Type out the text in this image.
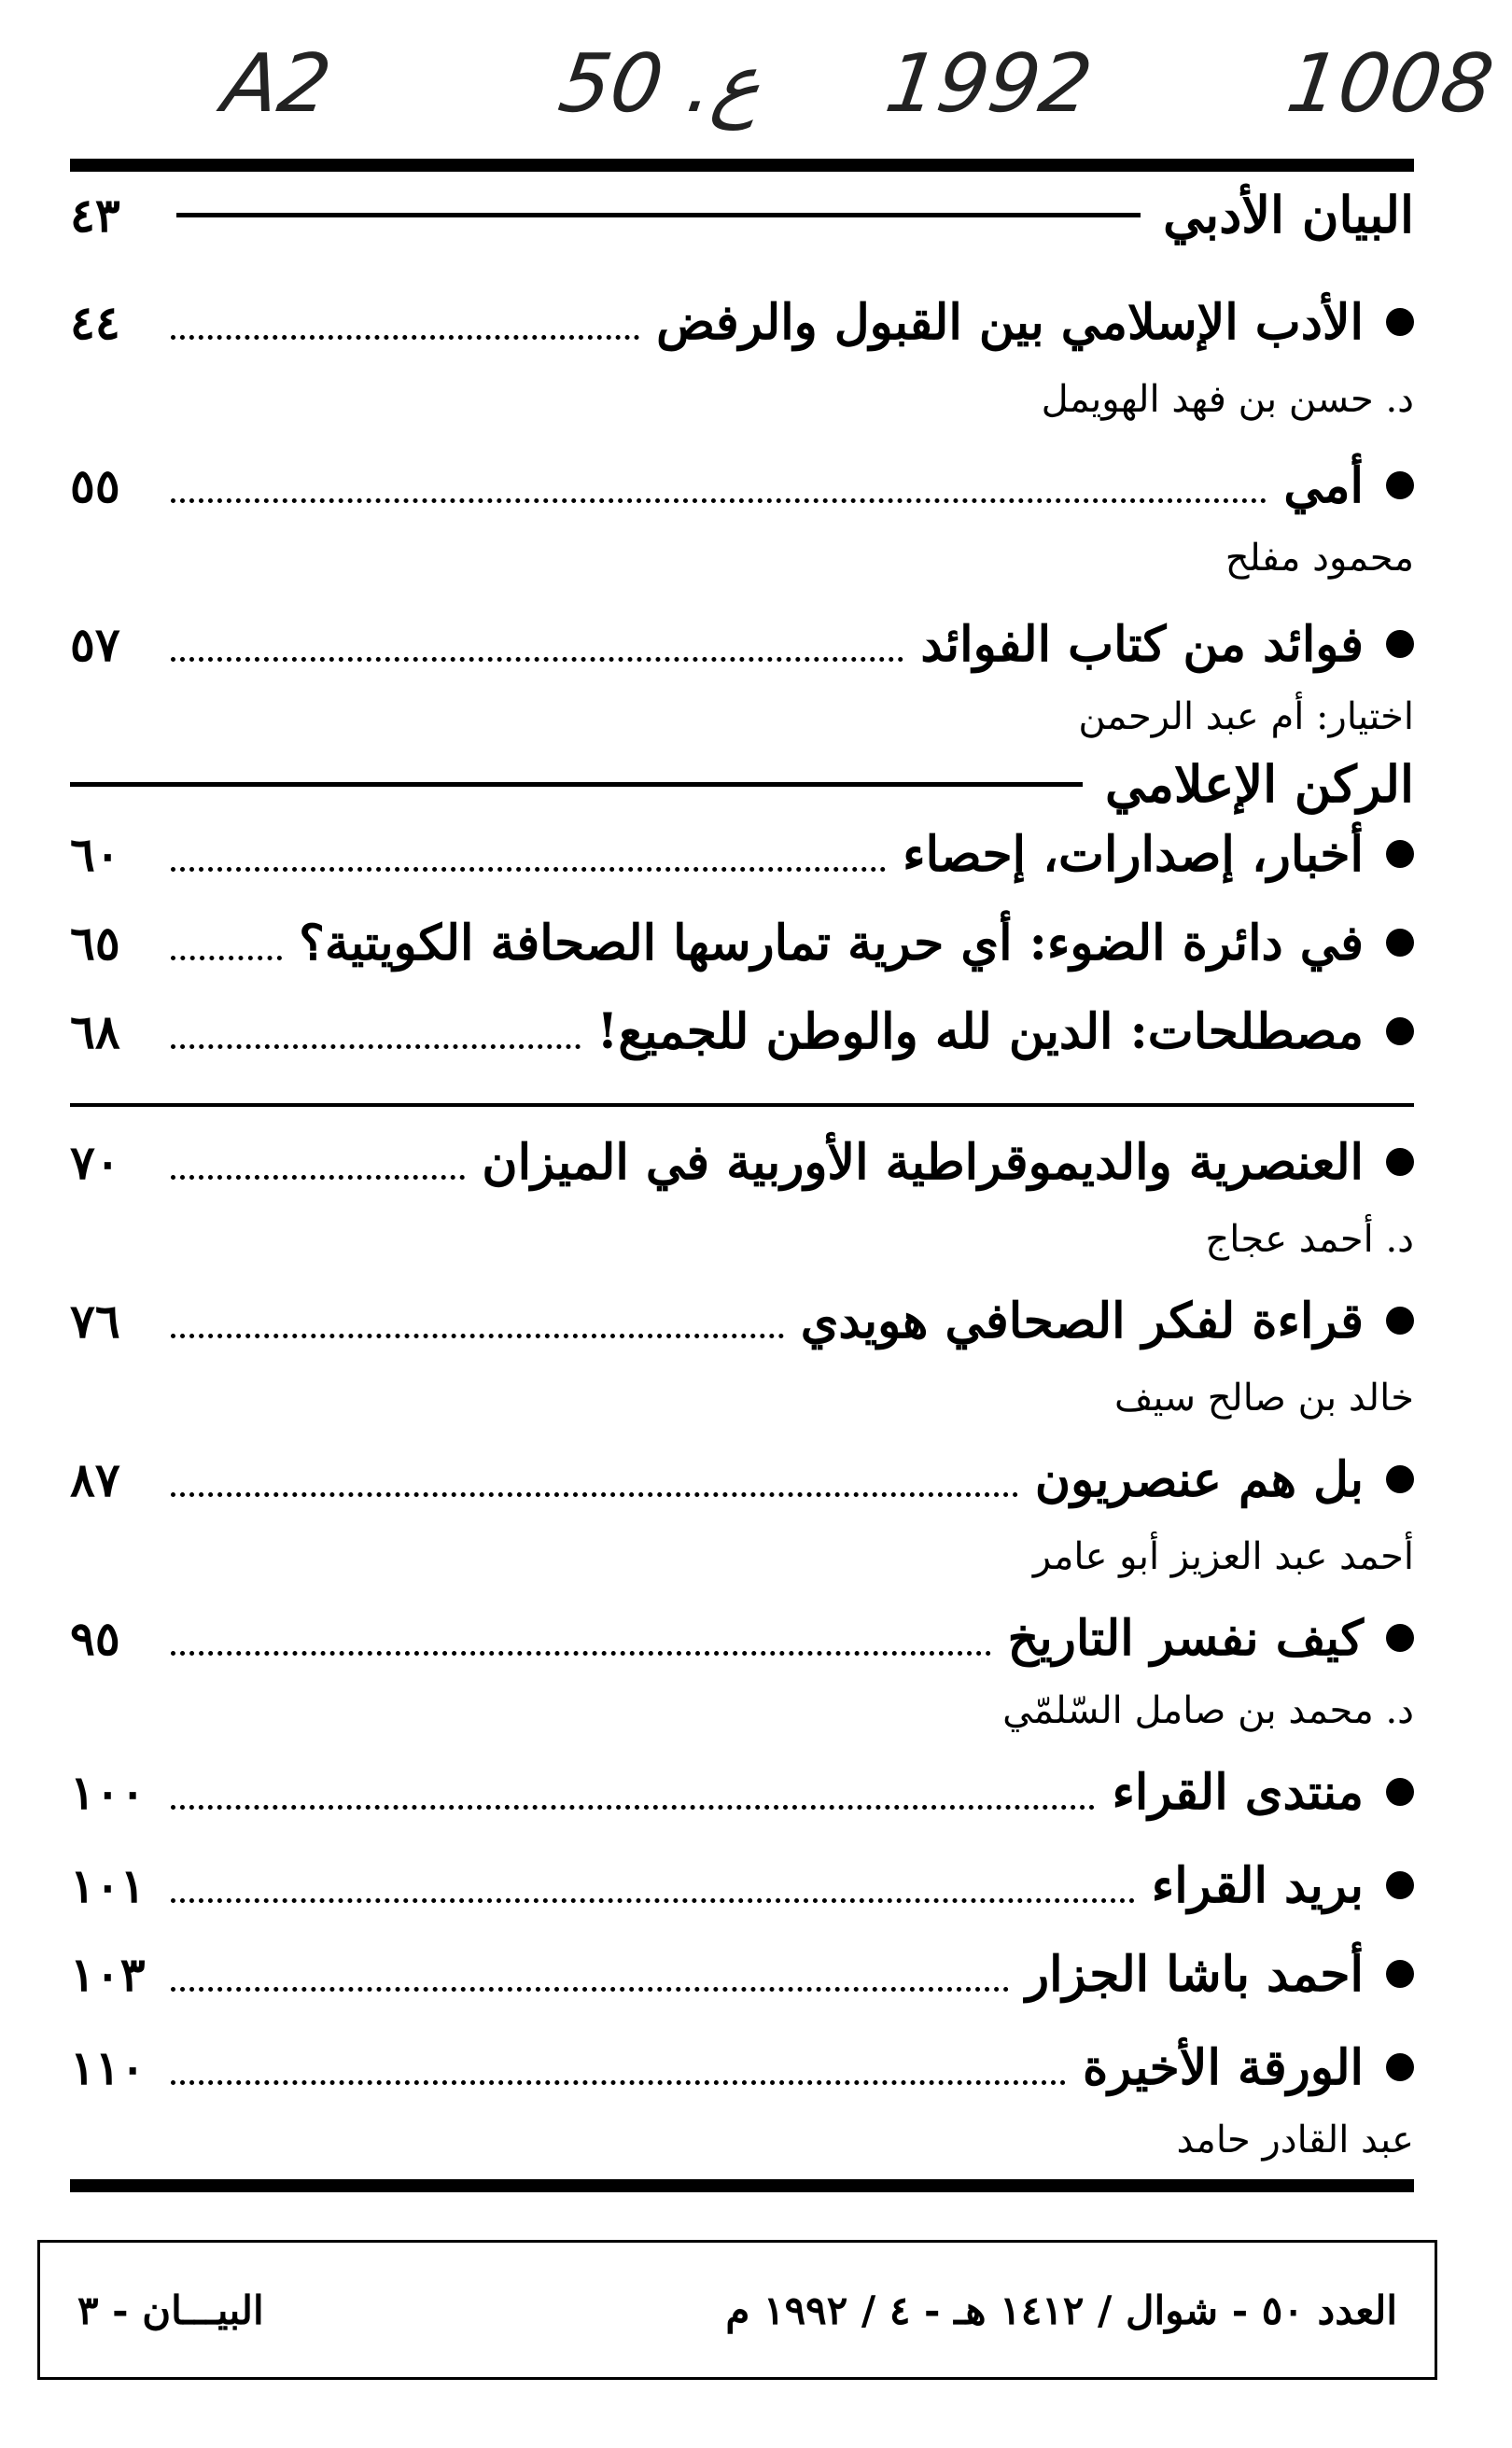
A2	50 .ع 1992 1008
البيان الأدبي
٤٣
الأدب الإسلامي بين القبول والرفض
٤٤
د. حسن بن فهد الهويمل
أمي
٥٥
محمود مفلح
فوائد من كتاب الفوائد
٥٧
اختيار: أم عبد الرحمن
الركن الإعلامي
أخبار، إصدارات، إحصاء
٦٠
في دائرة الضوء: أي حرية تمارسها الصحافة الكويتية؟
٦٥
مصطلحات: الدين لله والوطن للجميع!
٦٨
العنصرية والديموقراطية الأوربية في الميزان
٧٠
د. أحمد عجاج
قراءة لفكر الصحافي هويدي
٧٦
خالد بن صالح سيف
بل هم عنصريون
٨٧
أحمد عبد العزيز أبو عامر
كيف نفسر التاريخ
٩٥
د. محمد بن صامل السّلمّي
منتدى القراء
١٠٠
بريد القراء
١٠١
أحمد باشا الجزار
١٠٣
الورقة الأخيرة
١١٠
عبد القادر حامد
العدد ٥٠ - شوال / ١٤١٢ هـ - ٤ / ١٩٩٢ م
البيـــان - ٣
